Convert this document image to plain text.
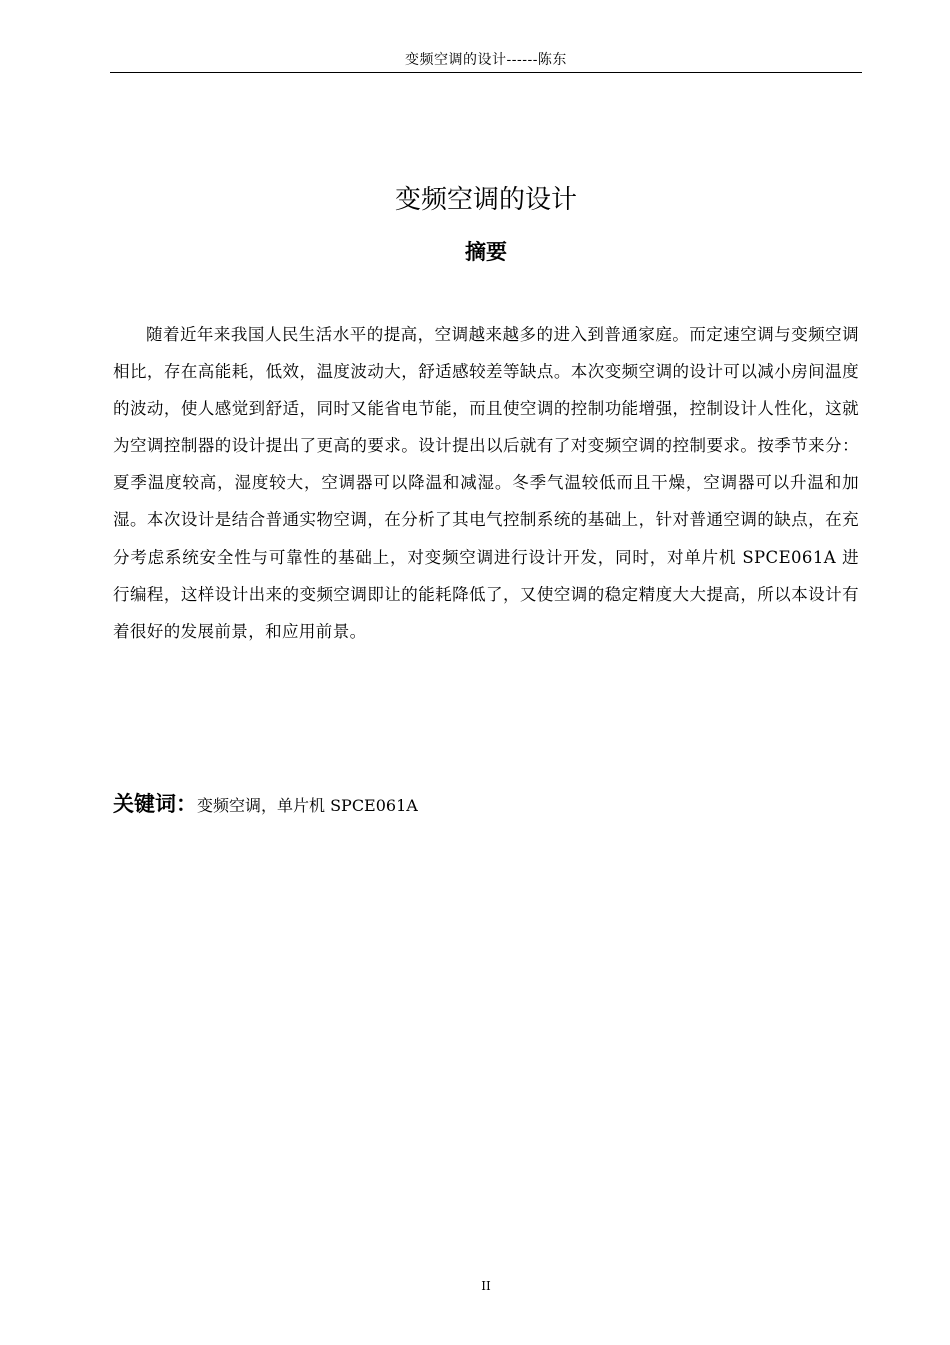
变频空调的设计------陈东
变频空调的设计
摘要

随着近年来我国人民生活水平的提高，空调越来越多的进入到普通家庭。而定速空调与变频空调相比，存在高能耗，低效，温度波动大，舒适感较差等缺点。本次变频空调的设计可以减小房间温度的波动，使人感觉到舒适，同时又能省电节能，而且使空调的控制功能增强，控制设计人性化，这就为空调控制器的设计提出了更高的要求。设计提出以后就有了对变频空调的控制要求。按季节来分：夏季温度较高，湿度较大，空调器可以降温和减湿。冬季气温较低而且干燥，空调器可以升温和加湿。本次设计是结合普通实物空调，在分析了其电气控制系统的基础上，针对普通空调的缺点，在充分考虑系统安全性与可靠性的基础上，对变频空调进行设计开发，同时，对单片机 SPCE061A 进行编程，这样设计出来的变频空调即让的能耗降低了，又使空调的稳定精度大大提高，所以本设计有着很好的发展前景，和应用前景。

关键词：变频空调，单片机 SPCE061A

II
